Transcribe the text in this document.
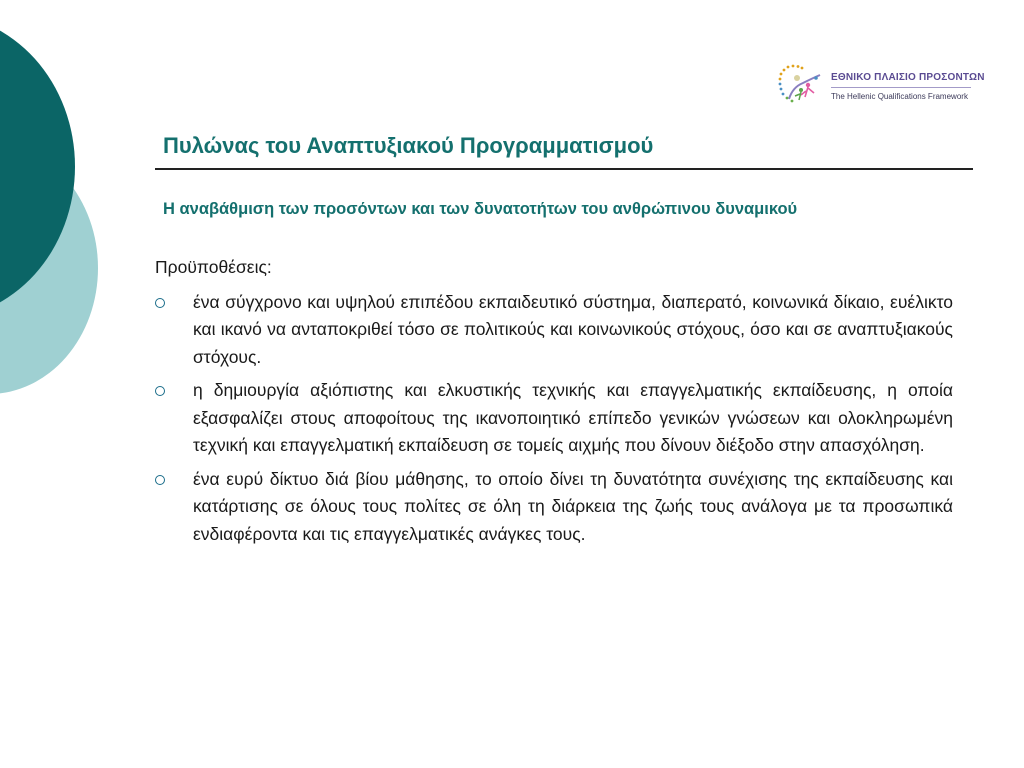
ΕΘΝΙΚΟ ΠΛΑΙΣΙΟ ΠΡΟΣΟΝΤΩΝ
The Hellenic Qualifications Framework
Πυλώνας του Αναπτυξιακού Προγραμματισμού
Η αναβάθμιση των προσόντων και των δυνατοτήτων του ανθρώπινου δυναμικού

Προϋποθέσεις:

ένα σύγχρονο και υψηλού επιπέδου εκπαιδευτικό σύστημα, διαπερατό, κοινωνικά δίκαιο, ευέλικτο και ικανό να ανταποκριθεί τόσο σε πολιτικούς και κοινωνικούς στόχους, όσο και σε αναπτυξιακούς στόχους.
η δημιουργία αξιόπιστης και ελκυστικής τεχνικής και επαγγελματικής εκπαίδευσης, η οποία εξασφαλίζει στους αποφοίτους της ικανοποιητικό επίπεδο γενικών γνώσεων και ολοκληρωμένη τεχνική και επαγγελματική εκπαίδευση σε τομείς αιχμής που δίνουν διέξοδο στην απασχόληση.
ένα ευρύ δίκτυο διά βίου μάθησης, το οποίο δίνει τη δυνατότητα συνέχισης της εκπαίδευσης και κατάρτισης σε όλους τους πολίτες σε όλη τη διάρκεια της ζωής τους ανάλογα με τα προσωπικά ενδιαφέροντα και τις επαγγελματικές ανάγκες τους.
